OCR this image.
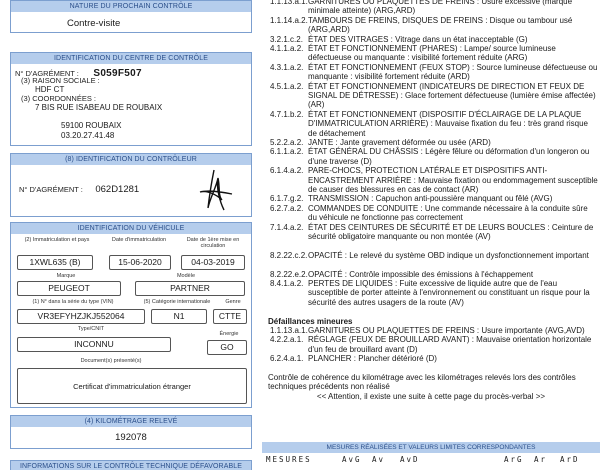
NATURE DU PROCHAIN CONTRÔLE
Contre-visite
IDENTIFICATION DU CENTRE DE CONTRÔLE
N° D'AGRÉMENT : S059F507
(3) RAISON SOCIALE :
HDF CT
(3) COORDONNÉES :
7 BIS RUE ISABEAU DE ROUBAIX
59100 ROUBAIX
03.20.27.41.48
(8) IDENTIFICATION DU CONTRÔLEUR
N° D'AGRÉMENT : 062D1281
IDENTIFICATION DU VÉHICULE
(2) Immatriculation et pays	Date d'immatriculation	Date de 1ère mise en circulation
1XWL635 (B)	15-06-2020	04-03-2019
Marque	Modèle
PEUGEOT	PARTNER
(1) N° dans la série du type (VIN)	(5) Catégorie internationale	Genre
VR3EFYHZJKJ552064	N1	CTTE
Type/CNIT
Énergie
INCONNU	GO
Document(s) présenté(s)
Certificat d'immatriculation étranger
(4) KILOMÉTRAGE RELEVÉ
192078
INFORMATIONS SUR LE CONTRÔLE TECHNIQUE DÉFAVORABLE
1.1.13.a.1. GARNITURES OU PLAQUETTES DE FREINS : Usure excessive (marque minimale atteinte) (ARG,ARD)
1.1.14.a.2. TAMBOURS DE FREINS, DISQUES DE FREINS : Disque ou tambour usé (ARG,ARD)
3.2.1.c.2. ÉTAT DES VITRAGES : Vitrage dans un état inacceptable (G)
4.1.1.a.2. ÉTAT ET FONCTIONNEMENT (PHARES) : Lampe/ source lumineuse défectueuse ou manquante : visibilité fortement réduite (ARG)
4.3.1.a.2. ÉTAT ET FONCTIONNEMENT (FEUX STOP) : Source lumineuse défectueuse ou manquante : visibilité fortement réduite (ARD)
4.5.1.a.2. ÉTAT ET FONCTIONNEMENT (INDICATEURS DE DIRECTION ET FEUX DE SIGNAL DE DÉTRESSE) : Glace fortement défectueuse (lumière émise affectée) (AR)
4.7.1.b.2. ÉTAT ET FONCTIONNEMENT (DISPOSITIF D'ÉCLAIRAGE DE LA PLAQUE D'IMMATRICULATION ARRIÈRE) : Mauvaise fixation du feu : très grand risque de détachement
5.2.2.a.2. JANTE : Jante gravement déformée ou usée (ARD)
6.1.1.a.2. ÉTAT GÉNÉRAL DU CHÂSSIS : Légère fêlure ou déformation d'un longeron ou d'une traverse (D)
6.1.4.a.2. PARE-CHOCS, PROTECTION LATÉRALE ET DISPOSITIFS ANTI-ENCASTREMENT ARRIÈRE : Mauvaise fixation ou endommagement susceptible de causer des blessures en cas de contact (AR)
6.1.7.g.2. TRANSMISSION : Capuchon anti-poussière manquant ou fêlé (AVG)
6.2.7.a.2. COMMANDES DE CONDUITE : Une commande nécessaire à la conduite sûre du véhicule ne fonctionne pas correctement
7.1.4.a.2. ÉTAT DES CEINTURES DE SÉCURITÉ ET DE LEURS BOUCLES : Ceinture de sécurité obligatoire manquante ou non montée (AV)
8.2.22.c.2. OPACITÉ : Le relevé du système OBD indique un dysfonctionnement important
8.2.22.e.2. OPACITÉ : Contrôle impossible des émissions à l'échappement
8.4.1.a.2. PERTES DE LIQUIDES : Fuite excessive de liquide autre que de l'eau susceptible de porter atteinte à l'environnement ou constituant un risque pour la sécurité des autres usagers de la route (AV)
Défaillances mineures
1.1.13.a.1. GARNITURES OU PLAQUETTES DE FREINS : Usure importante (AVG,AVD)
4.2.2.a.1. RÉGLAGE (FEUX DE BROUILLARD AVANT) : Mauvaise orientation horizontale d'un feu de brouillard avant (D)
6.2.4.a.1. PLANCHER : Plancher détérioré (D)
Contrôle de cohérence du kilométrage avec les kilométrages relevés lors des contrôles techniques précédents non réalisé
<< Attention, il existe une suite à cette page du procès-verbal >>
MESURES RÉALISÉES ET VALEURS LIMITES CORRESPONDANTES
MESURES	AvG Av AvD	ArG Ar ArD
